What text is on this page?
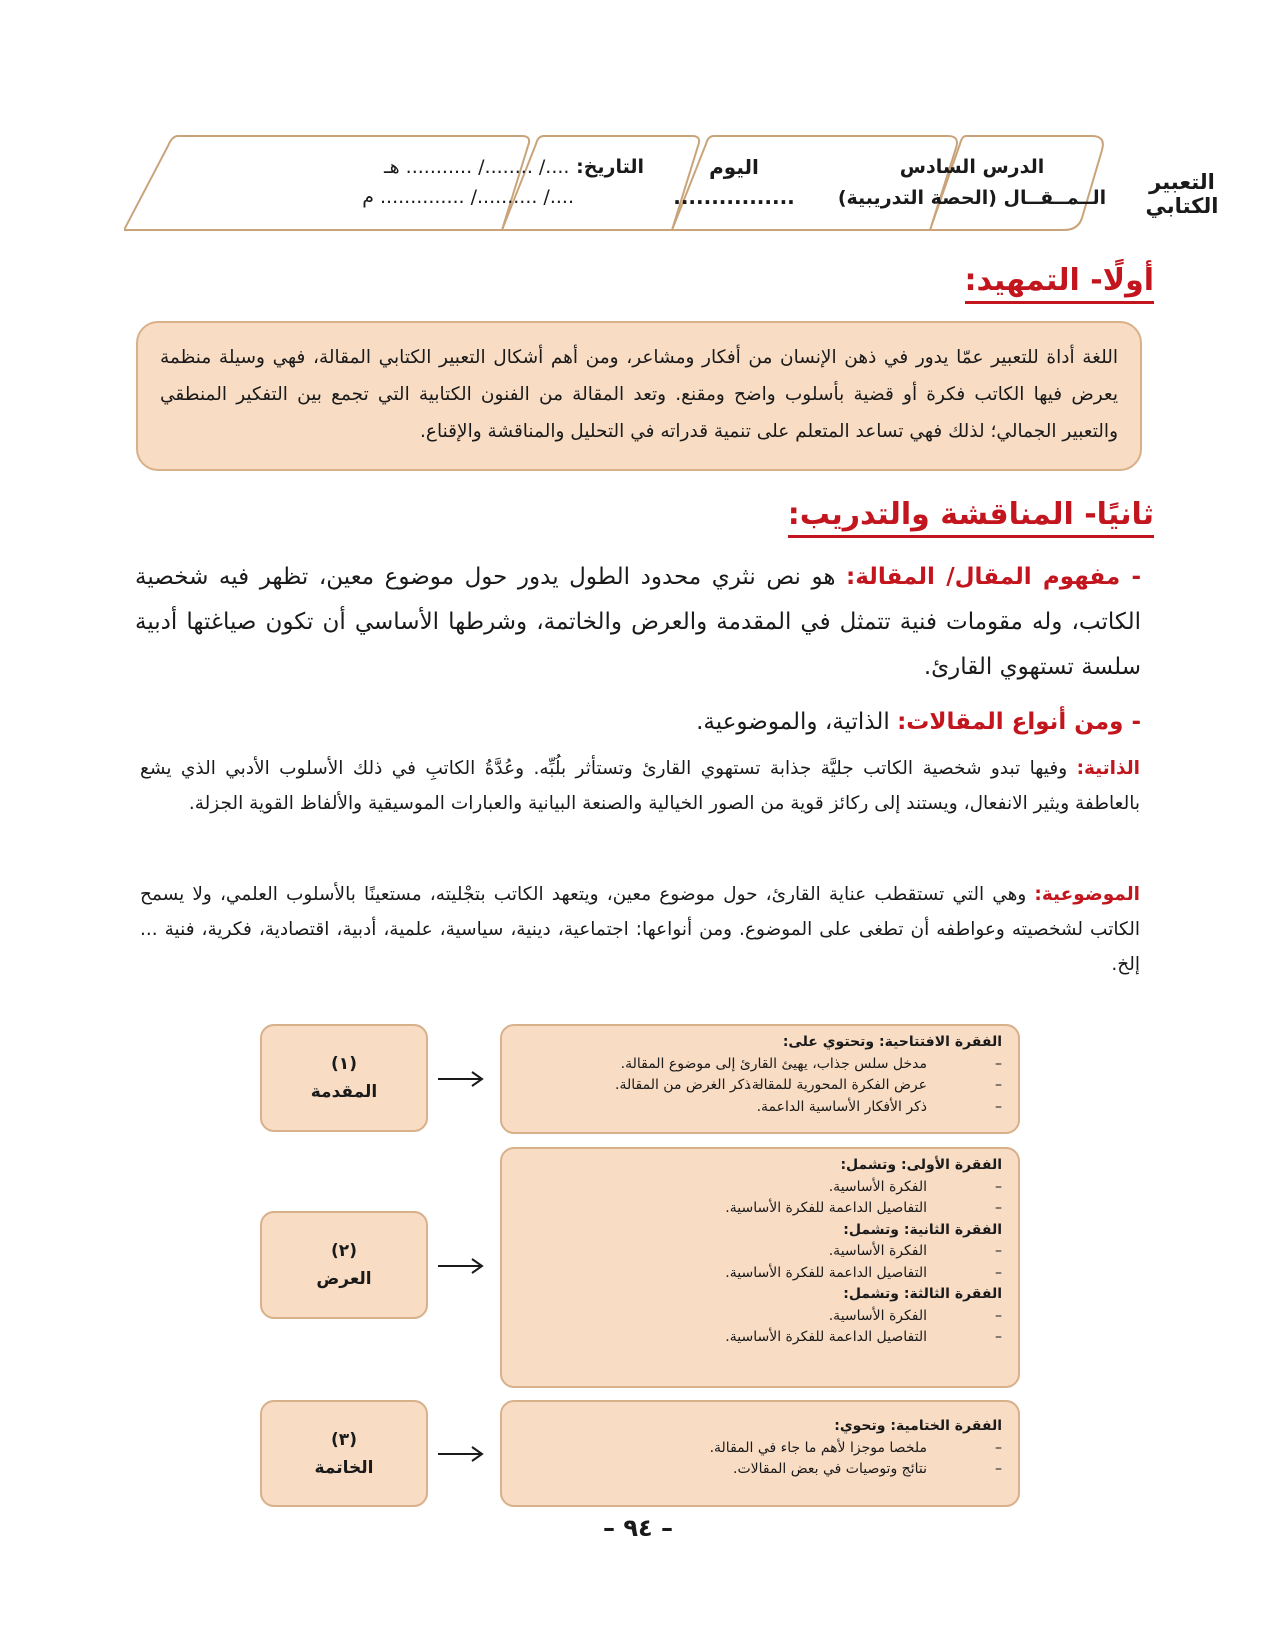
التعبير الكتابي
الدرس السادس
الــمــقــال (الحصة التدريبية)
اليوم
................
التاريخ: ..../ ......../ ........... هـ
..../ ........../ .............. م
أولًا- التمهيد:
اللغة أداة للتعبير عمّا يدور في ذهن الإنسان من أفكار ومشاعر، ومن أهم أشكال التعبير الكتابي المقالة، فهي وسيلة منظمة يعرض فيها الكاتب فكرة أو قضية بأسلوب واضح ومقنع. وتعد المقالة من الفنون الكتابية التي تجمع بين التفكير المنطقي والتعبير الجمالي؛ لذلك فهي تساعد المتعلم على تنمية قدراته في التحليل والمناقشة والإقناع.
ثانيًا- المناقشة والتدريب:
- مفهوم المقال/ المقالة: هو نص نثري محدود الطول يدور حول موضوع معين، تظهر فيه شخصية الكاتب، وله مقومات فنية تتمثل في المقدمة والعرض والخاتمة، وشرطها الأساسي أن تكون صياغتها أدبية سلسة تستهوي القارئ.
- ومن أنواع المقالات: الذاتية، والموضوعية.
الذاتية: وفيها تبدو شخصية الكاتب جليَّة جذابة تستهوي القارئ وتستأثر بلُبِّه. وعُدَّةُ الكاتبِ في ذلك الأسلوب الأدبي الذي يشع بالعاطفة ويثير الانفعال، ويستند إلى ركائز قوية من الصور الخيالية والصنعة البيانية والعبارات الموسيقية والألفاظ القوية الجزلة.
الموضوعية: وهي التي تستقطب عناية القارئ، حول موضوع معين، ويتعهد الكاتب بتجْليته، مستعينًا بالأسلوب العلمي، ولا يسمح الكاتب لشخصيته وعواطفه أن تطغى على الموضوع. ومن أنواعها: اجتماعية، دينية، سياسية، علمية، أدبية، اقتصادية، فكرية، فنية ... إلخ.
(١)
المقدمة
الفقرة الافتتاحية: وتحتوي على:
–
مدخل سلس جذاب، يهيئ القارئ إلى موضوع المقالة.
–
عرض الفكرة المحورية للمقالة.
– ذكر الغرض من المقالة.
–
ذكر الأفكار الأساسية الداعمة.
(٢)
العرض
الفقرة الأولى: وتشمل:
–
الفكرة الأساسية.
–
التفاصيل الداعمة للفكرة الأساسية.
الفقرة الثانية: وتشمل:
–
الفكرة الأساسية.
–
التفاصيل الداعمة للفكرة الأساسية.
الفقرة الثالثة: وتشمل:
–
الفكرة الأساسية.
–
التفاصيل الداعمة للفكرة الأساسية.
(٣)
الخاتمة
الفقرة الختامية: وتحوي:
–
ملخصا موجزا لأهم ما جاء في المقالة.
–
نتائج وتوصيات في بعض المقالات.
– ٩٤ –
